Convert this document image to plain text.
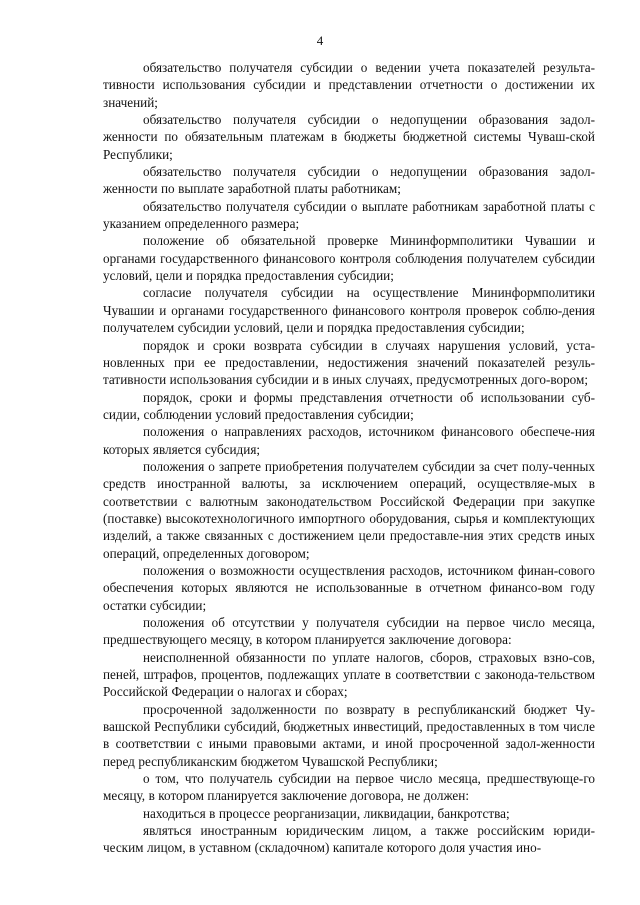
4

обязательство получателя субсидии о ведении учета показателей результа-тивности использования субсидии и представлении отчетности о достижении их значений;

обязательство получателя субсидии о недопущении образования задол-женности по обязательным платежам в бюджеты бюджетной системы Чуваш-ской Республики;

обязательство получателя субсидии о недопущении образования задол-женности по выплате заработной платы работникам;

обязательство получателя субсидии о выплате работникам заработной платы с указанием определенного размера;

положение об обязательной проверке Мининформполитики Чувашии и органами государственного финансового контроля соблюдения получателем субсидии условий, цели и порядка предоставления субсидии;

согласие получателя субсидии на осуществление Мининформполитики Чувашии и органами государственного финансового контроля проверок соблю-дения получателем субсидии условий, цели и порядка предоставления субсидии;

порядок и сроки возврата субсидии в случаях нарушения условий, уста-новленных при ее предоставлении, недостижения значений показателей резуль-тативности использования субсидии и в иных случаях, предусмотренных дого-вором;

порядок, сроки и формы представления отчетности об использовании суб-сидии, соблюдении условий предоставления субсидии;

положения о направлениях расходов, источником финансового обеспече-ния которых является субсидия;

положения о запрете приобретения получателем субсидии за счет полу-ченных средств иностранной валюты, за исключением операций, осуществляе-мых в соответствии с валютным законодательством Российской Федерации при закупке (поставке) высокотехнологичного импортного оборудования, сырья и комплектующих изделий, а также связанных с достижением цели предоставле-ния этих средств иных операций, определенных договором;

положения о возможности осуществления расходов, источником финан-сового обеспечения которых являются не использованные в отчетном финансо-вом году остатки субсидии;

положения об отсутствии у получателя субсидии на первое число месяца, предшествующего месяцу, в котором планируется заключение договора:

неисполненной обязанности по уплате налогов, сборов, страховых взно-сов, пеней, штрафов, процентов, подлежащих уплате в соответствии с законода-тельством Российской Федерации о налогах и сборах;

просроченной задолженности по возврату в республиканский бюджет Чу-вашской Республики субсидий, бюджетных инвестиций, предоставленных в том числе в соответствии с иными правовыми актами, и иной просроченной задол-женности перед республиканским бюджетом Чувашской Республики;

о том, что получатель субсидии на первое число месяца, предшествующе-го месяцу, в котором планируется заключение договора, не должен:

находиться в процессе реорганизации, ликвидации, банкротства;

являться иностранным юридическим лицом, а также российским юриди-ческим лицом, в уставном (складочном) капитале которого доля участия ино-
